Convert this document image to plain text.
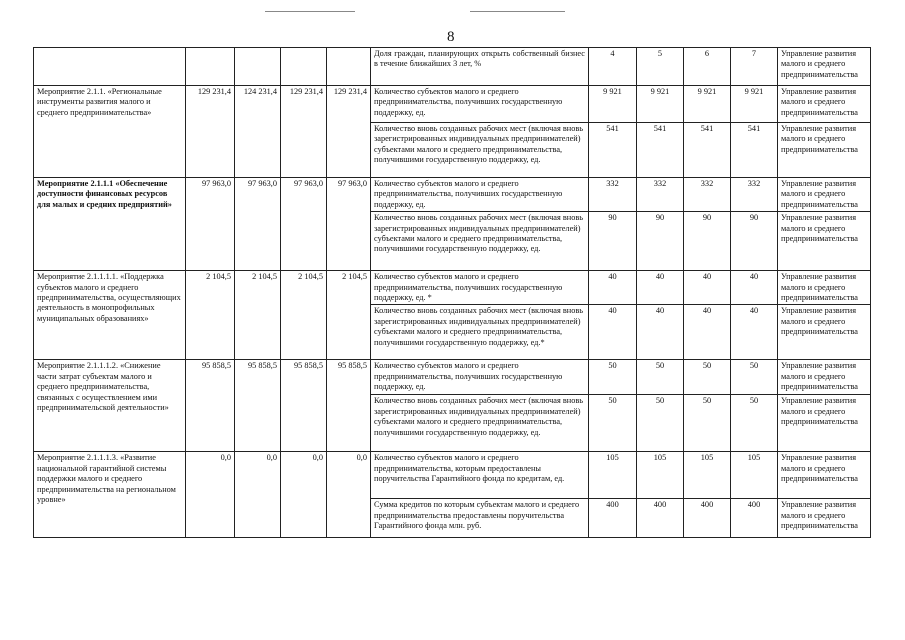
8
					Доля граждан, планирующих открыть собственный бизнес в течение ближайших 3 лет, %	4	5	6	7	Управление развития малого и среднего предпринимательства
Мероприятие 2.1.1. «Региональные инструменты развития малого и среднего предпринимательства»	129 231,4	124 231,4	129 231,4	129 231,4	Количество субъектов малого и среднего предпринимательства, получивших государственную поддержку, ед.	9 921	9 921	9 921	9 921	Управление развития малого и среднего предпринимательства
					Количество вновь созданных рабочих мест (включая вновь зарегистрированных индивидуальных предпринимателей) субъектами малого и среднего предпринимательства, получившими государственную поддержку, ед.	541	541	541	541	Управление развития малого и среднего предпринимательства
Мероприятие 2.1.1.1 «Обеспечение доступности финансовых ресурсов для малых и средних предприятий»	97 963,0	97 963,0	97 963,0	97 963,0	Количество субъектов малого и среднего предпринимательства, получивших государственную поддержку, ед.	332	332	332	332	Управление развития малого и среднего предпринимательства
					Количество вновь созданных рабочих мест (включая вновь зарегистрированных индивидуальных предпринимателей) субъектами малого и среднего предпринимательства, получившими государственную поддержку, ед.	90	90	90	90	Управление развития малого и среднего предпринимательства
Мероприятие 2.1.1.1.1. «Поддержка субъектов малого и среднего предпринимательства, осуществляющих деятельность в монопрофильных муниципальных образованиях»	2 104,5	2 104,5	2 104,5	2 104,5	Количество субъектов малого и среднего предпринимательства, получивших государственную поддержку, ед. *	40	40	40	40	Управление развития малого и среднего предпринимательства
					Количество вновь созданных рабочих мест (включая вновь зарегистрированных индивидуальных предпринимателей) субъектами малого и среднего предпринимательства, получившими государственную поддержку, ед.*	40	40	40	40	Управление развития малого и среднего предпринимательства
Мероприятие 2.1.1.1.2. «Снижение части затрат субъектам малого и среднего предпринимательства, связанных с осуществлением ими предпринимательской деятельности»	95 858,5	95 858,5	95 858,5	95 858,5	Количество субъектов малого и среднего предпринимательства, получивших государственную поддержку, ед.	50	50	50	50	Управление развития малого и среднего предпринимательства
					Количество вновь созданных рабочих мест (включая вновь зарегистрированных индивидуальных предпринимателей) субъектами малого и среднего предпринимательства, получившими государственную поддержку, ед.	50	50	50	50	Управление развития малого и среднего предпринимательства
Мероприятие 2.1.1.1.3. «Развитие национальной гарантийной системы поддержки малого и среднего предпринимательства на региональном уровне»	0,0	0,0	0,0	0,0	Количество субъектов малого и среднего предпринимательства, которым предоставлены поручительства Гарантийного фонда по кредитам, ед.	105	105	105	105	Управление развития малого и среднего предпринимательства
					Сумма кредитов по которым субъектам малого и среднего предпринимательства предоставлены поручительства Гарантийного фонда млн. руб.	400	400	400	400	Управление развития малого и среднего предпринимательства
